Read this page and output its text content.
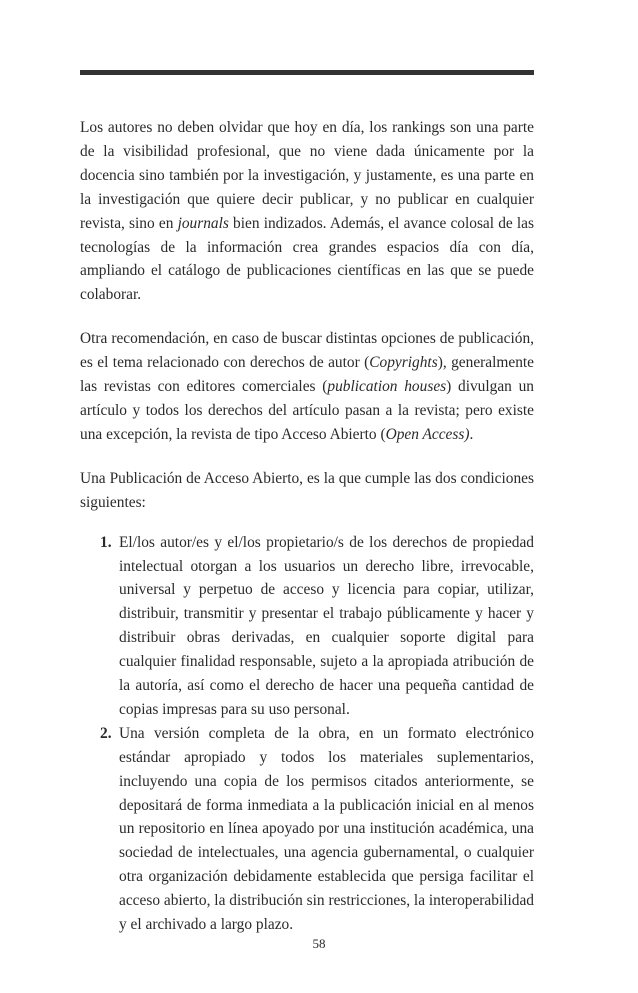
Los autores no deben olvidar que hoy en día, los rankings son una parte de la visibilidad profesional, que no viene dada únicamente por la docencia sino también por la investigación, y justamente, es una parte en la investigación que quiere decir publicar, y no publicar en cualquier revista, sino en journals bien indizados. Además, el avance colosal de las tecnologías de la información crea grandes espacios día con día, ampliando el catálogo de publicaciones científicas en las que se puede colaborar.

Otra recomendación, en caso de buscar distintas opciones de publicación, es el tema relacionado con derechos de autor (Copyrights), generalmente las revistas con editores comerciales (publication houses) divulgan un artículo y todos los derechos del artículo pasan a la revista; pero existe una excepción, la revista de tipo Acceso Abierto (Open Access).

Una Publicación de Acceso Abierto, es la que cumple las dos condiciones siguientes:

1. El/los autor/es y el/los propietario/s de los derechos de propiedad intelectual otorgan a los usuarios un derecho libre, irrevocable, universal y perpetuo de acceso y licencia para copiar, utilizar, distribuir, transmitir y presentar el trabajo públicamente y hacer y distribuir obras derivadas, en cualquier soporte digital para cualquier finalidad responsable, sujeto a la apropiada atribución de la autoría, así como el derecho de hacer una pequeña cantidad de copias impresas para su uso personal.
2. Una versión completa de la obra, en un formato electrónico estándar apropiado y todos los materiales suplementarios, incluyendo una copia de los permisos citados anteriormente, se depositará de forma inmediata a la publicación inicial en al menos un repositorio en línea apoyado por una institución académica, una sociedad de intelectuales, una agencia gubernamental, o cualquier otra organización debidamente establecida que persiga facilitar el acceso abierto, la distribución sin restricciones, la interoperabilidad y el archivado a largo plazo.
58
